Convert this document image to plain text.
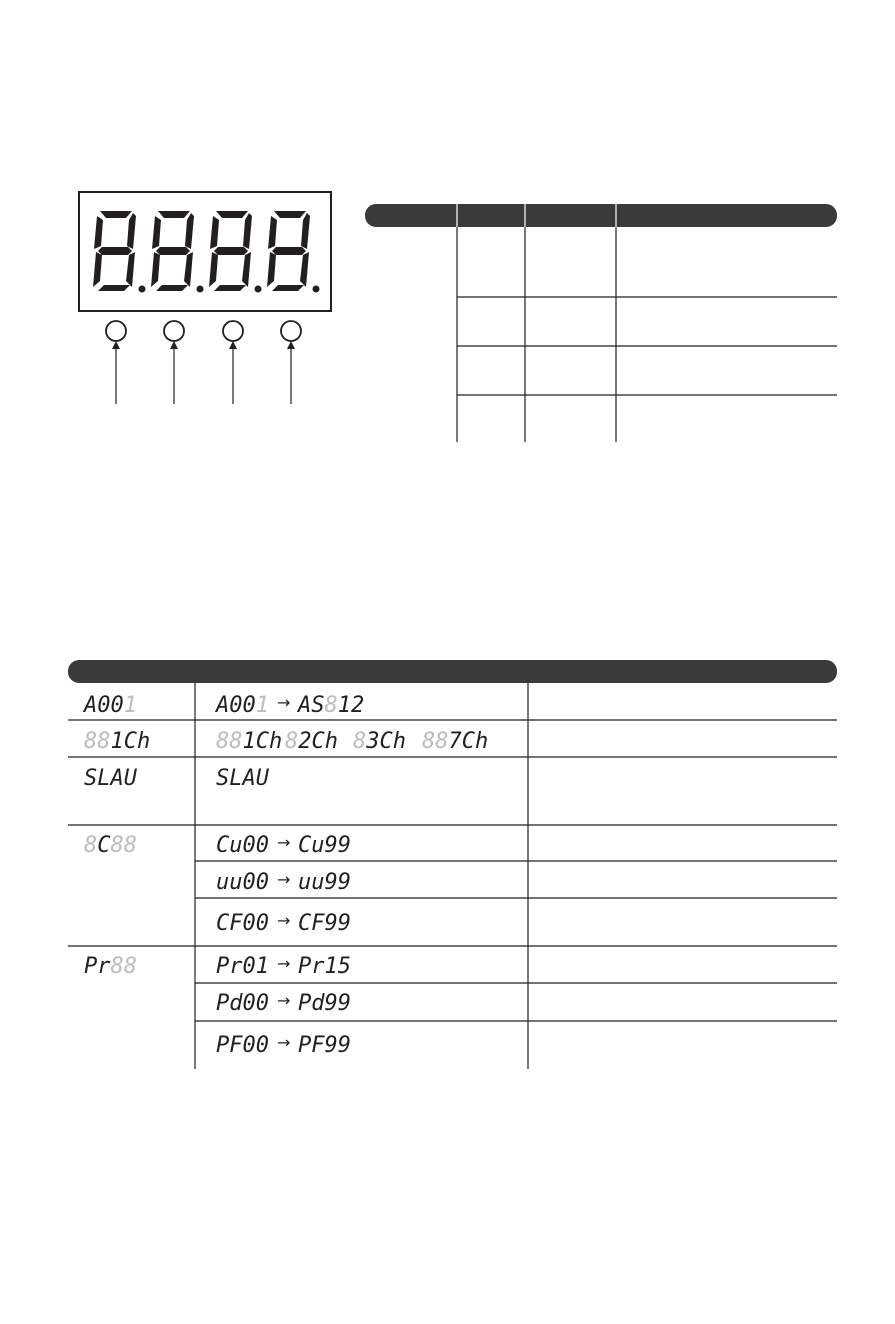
A001	A001 → AS812
881Ch	881Ch 82Ch 83Ch 887Ch
SLAU	SLAU
8C88	Cu00 → Cu99
uu00 → uu99
CF00 → CF99
Pr88	Pr01 → Pr15
Pd00 → Pd99
PF00 → PF99
